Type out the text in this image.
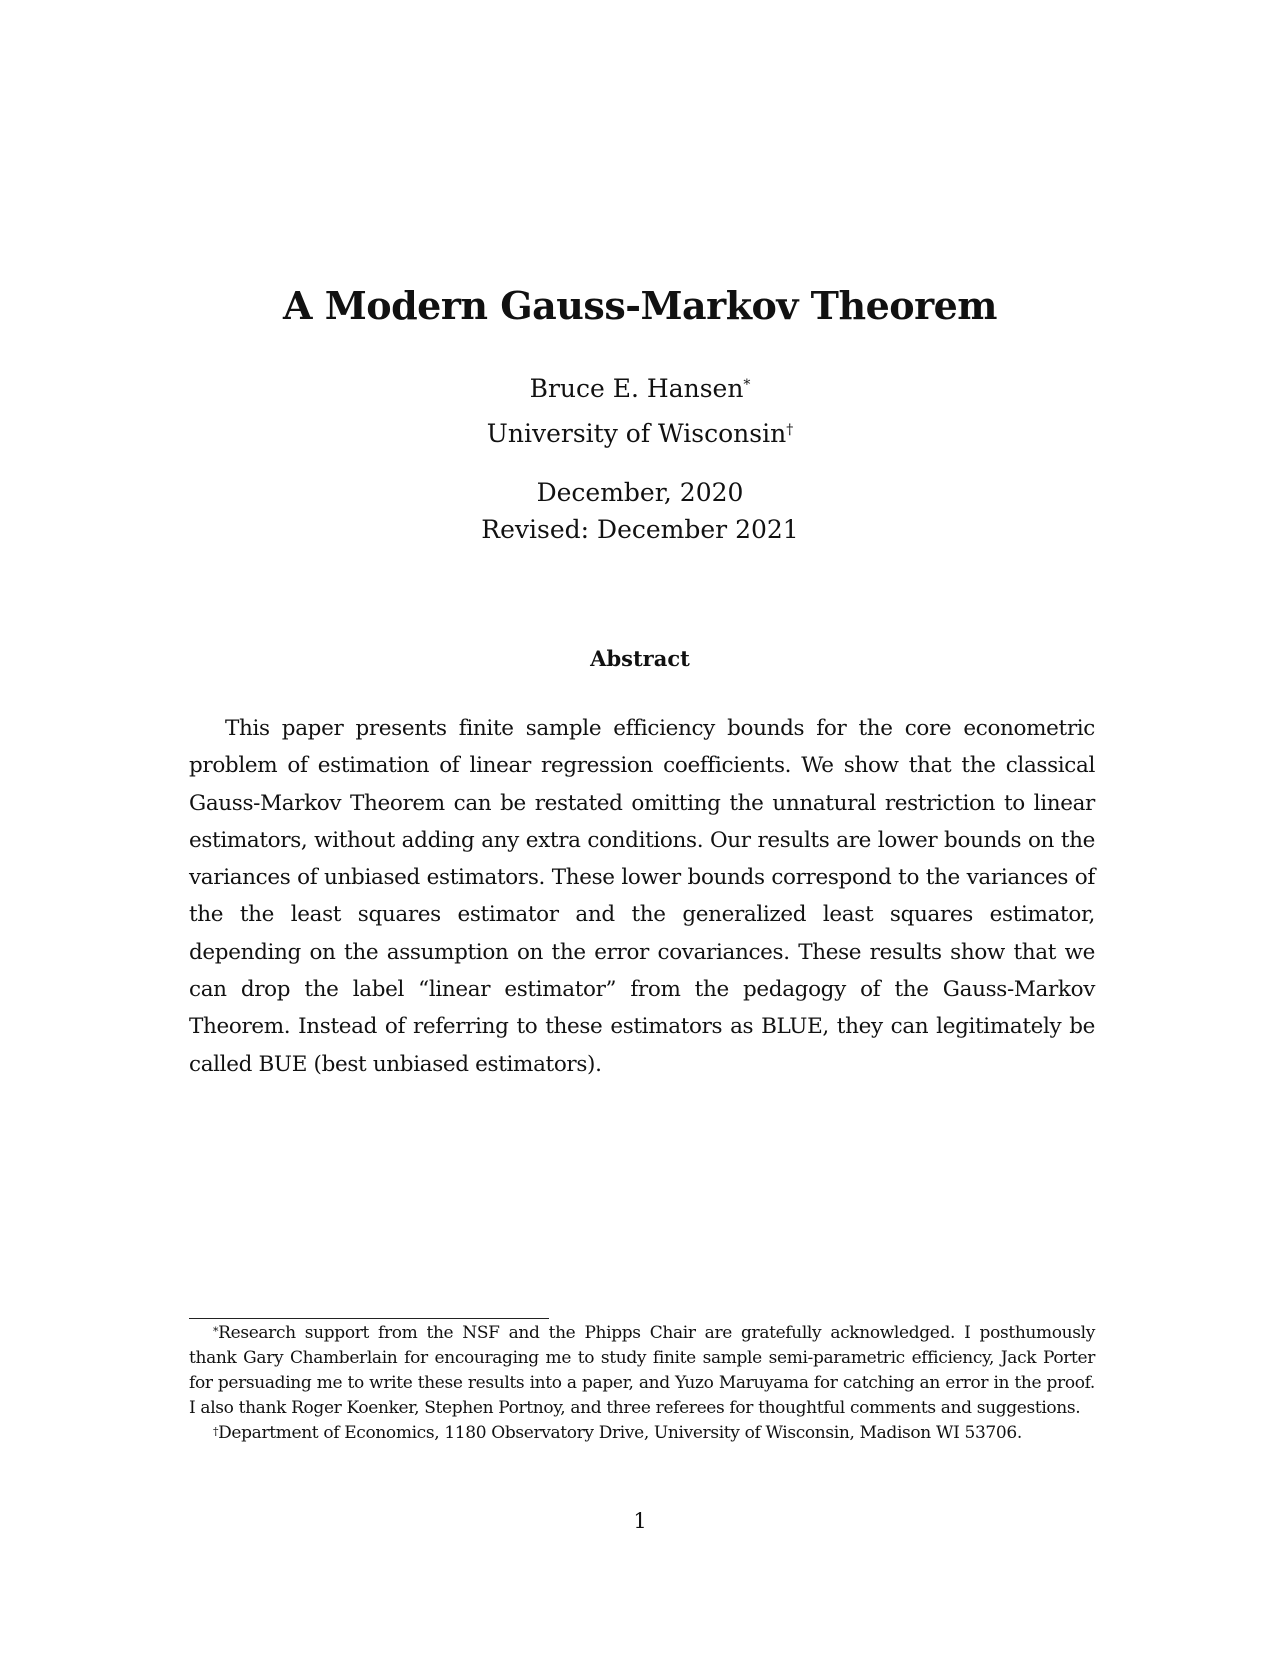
A Modern Gauss-Markov Theorem
Bruce E. Hansen*
University of Wisconsin†
December, 2020
Revised: December 2021
Abstract

This paper presents finite sample efficiency bounds for the core econometric problem of estimation of linear regression coefficients. We show that the classical Gauss-Markov Theorem can be restated omitting the unnatural restriction to linear estimators, without adding any extra conditions. Our results are lower bounds on the variances of unbiased estimators. These lower bounds correspond to the variances of the the least squares estimator and the generalized least squares estimator, depending on the assumption on the error covariances. These results show that we can drop the label “linear estimator” from the pedagogy of the Gauss-Markov Theorem. Instead of referring to these estimators as BLUE, they can legitimately be called BUE (best unbiased estimators).

*Research support from the NSF and the Phipps Chair are gratefully acknowledged. I posthumously thank Gary Chamberlain for encouraging me to study finite sample semi-parametric efficiency, Jack Porter for persuading me to write these results into a paper, and Yuzo Maruyama for catching an error in the proof. I also thank Roger Koenker, Stephen Portnoy, and three referees for thoughtful comments and suggestions.

†Department of Economics, 1180 Observatory Drive, University of Wisconsin, Madison WI 53706.

1
